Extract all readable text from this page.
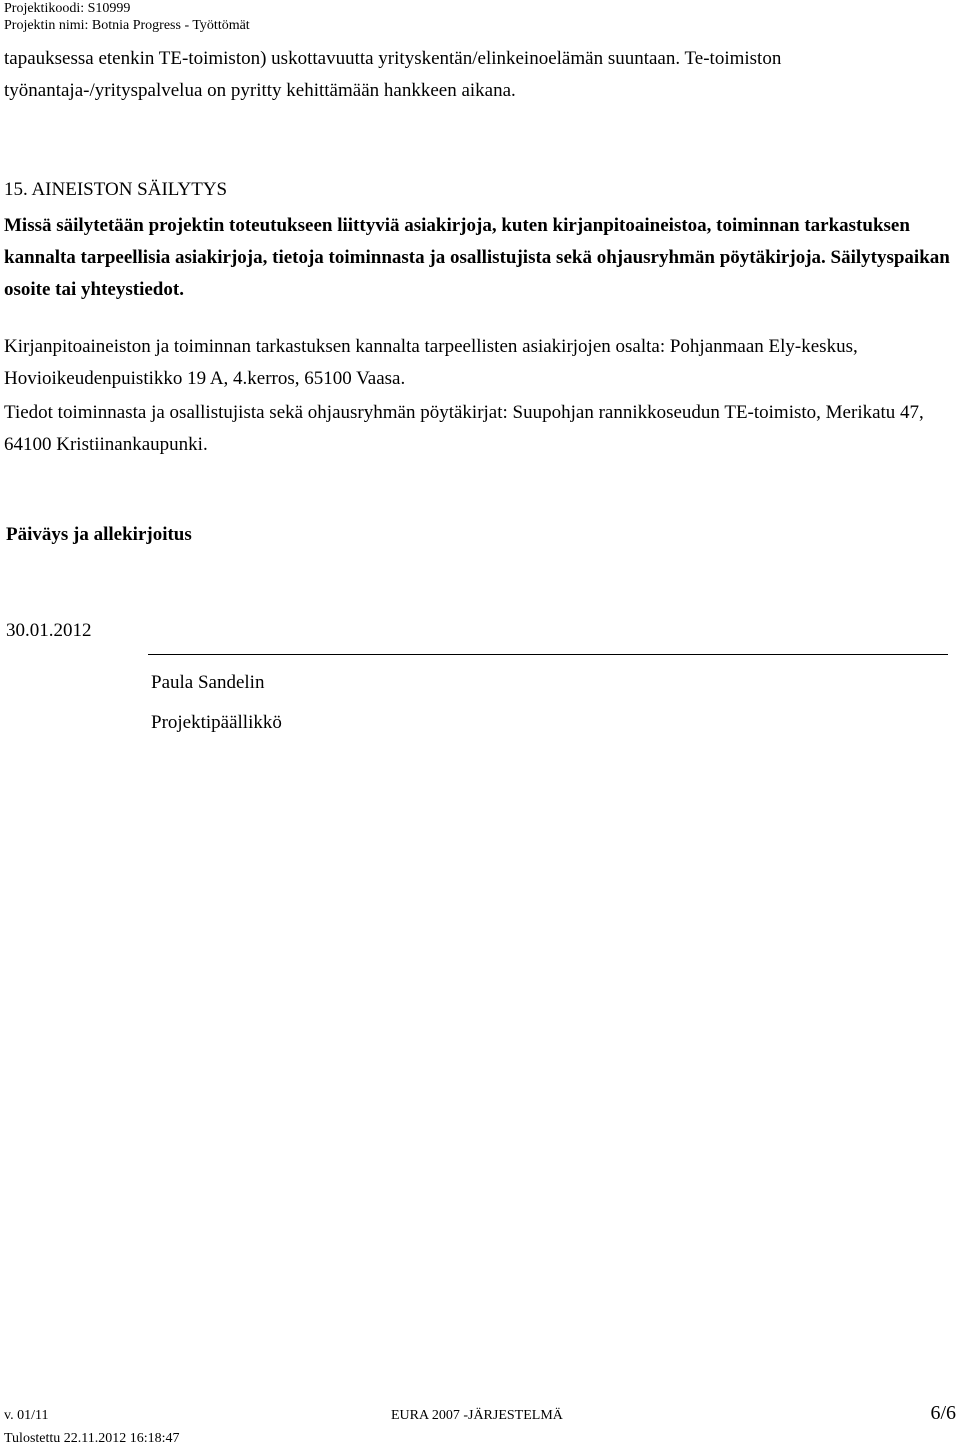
Projektikoodi: S10999
Projektin nimi: Botnia Progress - Työttömät
tapauksessa etenkin TE-toimiston) uskottavuutta yrityskentän/elinkeinoelämän suuntaan. Te-toimiston työnantaja-/yrityspalvelua on pyritty kehittämään hankkeen aikana.
15. AINEISTON SÄILYTYS
Missä säilytetään projektin toteutukseen liittyviä asiakirjoja, kuten kirjanpitoaineistoa, toiminnan tarkastuksen kannalta tarpeellisia asiakirjoja, tietoja toiminnasta ja osallistujista sekä ohjausryhmän pöytäkirjoja. Säilytyspaikan osoite tai yhteystiedot.
Kirjanpitoaineiston ja toiminnan tarkastuksen kannalta tarpeellisten asiakirjojen osalta: Pohjanmaan Ely-keskus, Hovioikeudenpuistikko 19 A, 4.kerros, 65100 Vaasa.
Tiedot toiminnasta ja osallistujista sekä ohjausryhmän pöytäkirjat: Suupohjan rannikkoseudun TE-toimisto, Merikatu 47, 64100 Kristiinankaupunki.
Päiväys ja allekirjoitus
30.01.2012
Paula Sandelin
Projektipäällikkö
v. 01/11	EURA 2007 -JÄRJESTELMÄ	6/6
Tulostettu 22.11.2012 16:18:47
